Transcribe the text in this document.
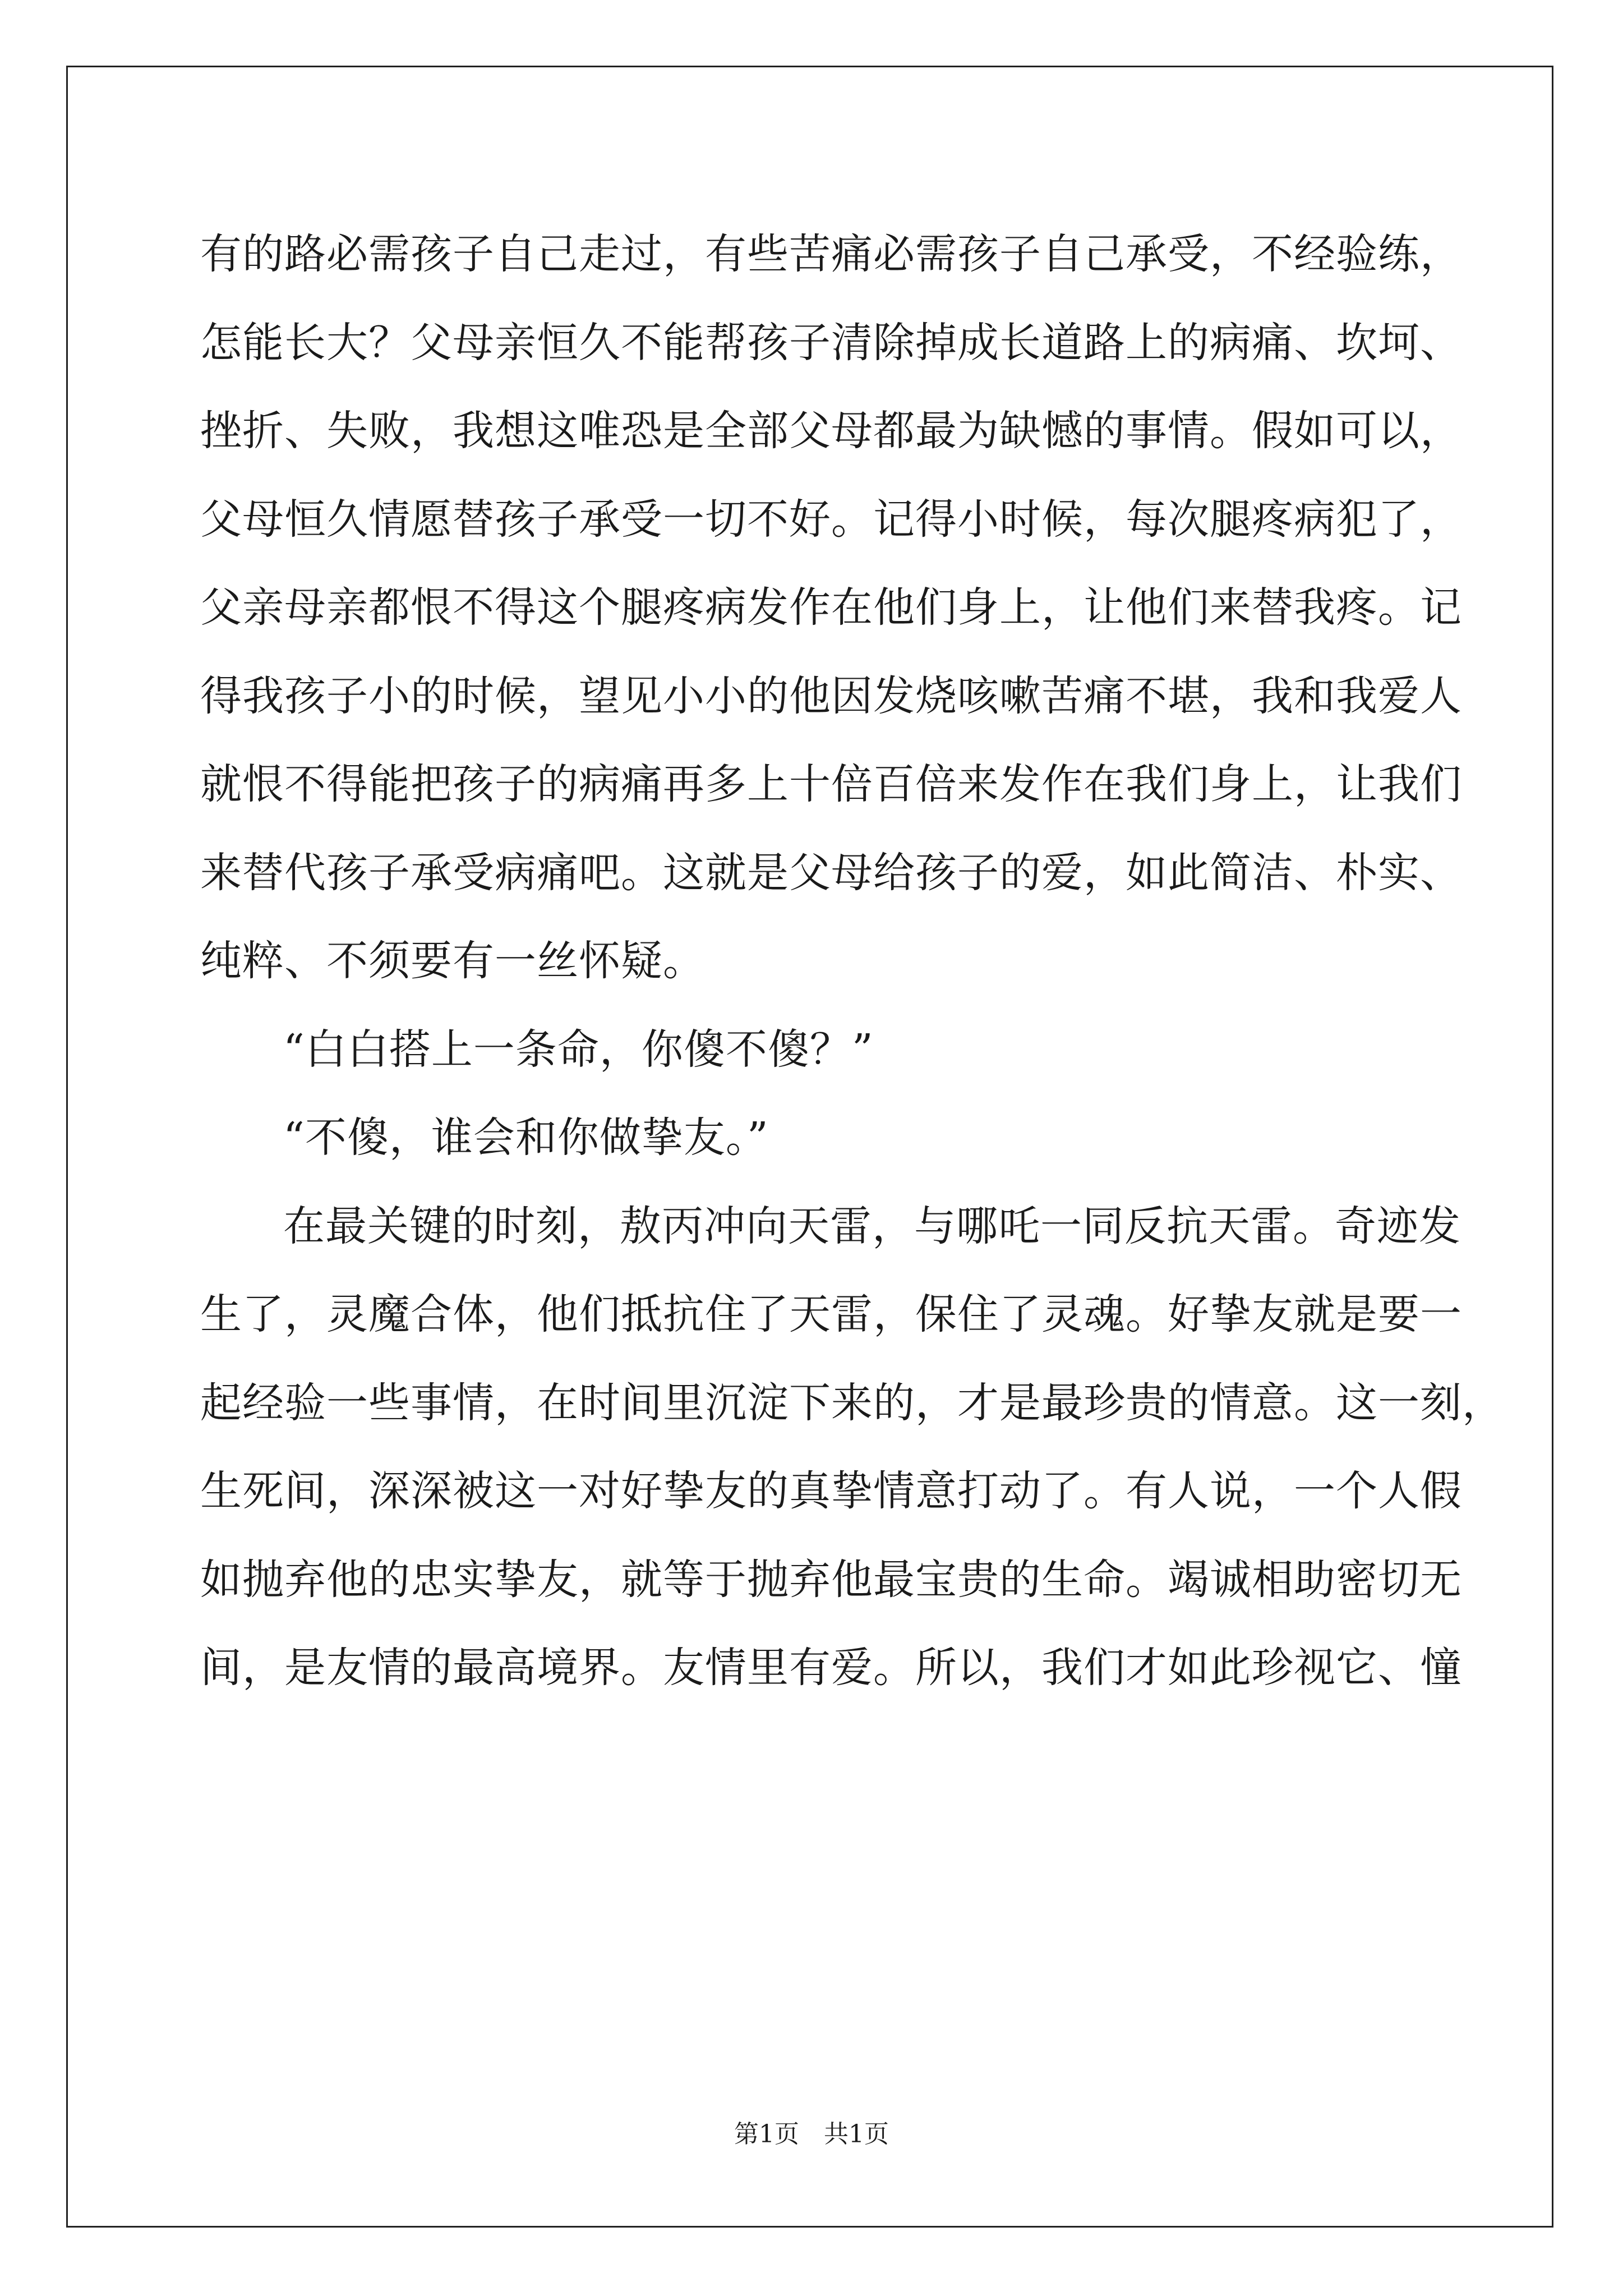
有的路必需孩子自己走过，有些苦痛必需孩子自己承受，不经验练，
怎能长大？父母亲恒久不能帮孩子清除掉成长道路上的病痛、坎坷、
挫折、失败，我想这唯恐是全部父母都最为缺憾的事情。假如可以，
父母恒久情愿替孩子承受一切不好。记得小时候，每次腿疼病犯了，
父亲母亲都恨不得这个腿疼病发作在他们身上，让他们来替我疼。记
得我孩子小的时候，望见小小的他因发烧咳嗽苦痛不堪，我和我爱人
就恨不得能把孩子的病痛再多上十倍百倍来发作在我们身上，让我们
来替代孩子承受病痛吧。这就是父母给孩子的爱，如此简洁、朴实、
纯粹、不须要有一丝怀疑。
“白白搭上一条命，你傻不傻？”
“不傻，谁会和你做挚友。”
在最关键的时刻，敖丙冲向天雷，与哪吒一同反抗天雷。奇迹发
生了，灵魔合体，他们抵抗住了天雷，保住了灵魂。好挚友就是要一
起经验一些事情，在时间里沉淀下来的，才是最珍贵的情意。这一刻，
生死间，深深被这一对好挚友的真挚情意打动了。有人说，一个人假
如抛弃他的忠实挚友，就等于抛弃他最宝贵的生命。竭诚相助密切无
间，是友情的最高境界。友情里有爱。所以，我们才如此珍视它、憧
第1页　共1页
